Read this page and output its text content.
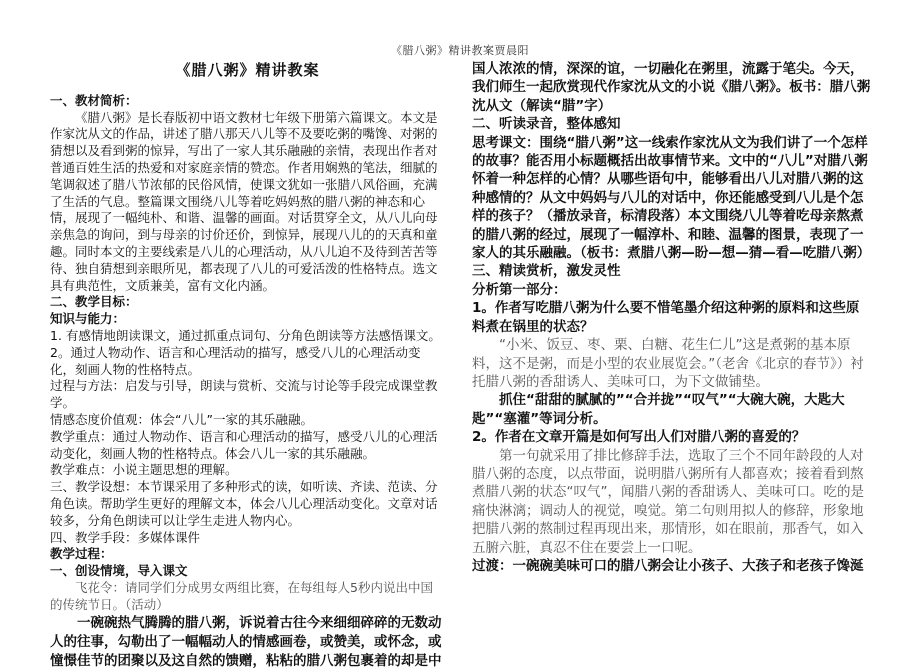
《腊八粥》精讲教案贾晨阳
《腊八粥》精讲教案

一、教材简析：

《腊八粥》是长春版初中语文教材七年级下册第六篇课文。本文是作家沈从文的作品，讲述了腊八那天八儿等不及要吃粥的嘴馋、对粥的猜想以及看到粥的惊异，写出了一家人其乐融融的亲情，表现出作者对普通百姓生活的热爱和对家庭亲情的赞恋。作者用娴熟的笔法，细腻的笔调叙述了腊八节浓郁的民俗风情，使课文犹如一张腊八风俗画，充满了生活的气息。整篇课文围绕八儿等着吃妈妈熬的腊八粥的神态和心情，展现了一幅纯朴、和谐、温馨的画面。对话贯穿全文，从八儿向母亲焦急的询问，到与母亲的讨价还价，到惊异，展现八儿的的天真和童趣。同时本文的主要线索是八儿的心理活动，从八儿迫不及待到苦苦等待、独自猜想到亲眼所见，都表现了八儿的可爱活泼的性格特点。选文具有典范性，文质兼美，富有文化内涵。

二、教学目标：

知识与能力：

1. 有感情地朗读课文，通过抓重点词句、分角色朗读等方法感悟课文。

2。通过人物动作、语言和心理活动的描写，感受八儿的心理活动变化，刻画人物的性格特点。

过程与方法：启发与引导，朗读与赏析、交流与讨论等手段完成课堂教学。

情感态度价值观：体会“八儿”一家的其乐融融。

教学重点：通过人物动作、语言和心理活动的描写，感受八儿的心理活动变化，刻画人物的性格特点。体会八儿一家的其乐融融。

教学难点：小说主题思想的理解。

三、教学设想：本节课采用了多种形式的读，如听读、齐读、范读、分角色读。帮助学生更好的理解文本，体会八儿心理活动变化。文章对话较多，分角色朗读可以让学生走进人物内心。

四、教学手段：多媒体课件

教学过程：

一、创设情境，导入课文

飞花令：请同学们分成男女两组比赛，在每组每人5秒内说出中国的传统节日。（活动）

一碗碗热气腾腾的腊八粥，诉说着古往今来细细碎碎的无数动人的往事，勾勒出了一幅幅动人的情感画卷，或赞美，或怀念，或憧憬佳节的团聚以及这自然的馈赠，粘粘的腊八粥包裹着的却是中

国人浓浓的情，深深的谊，一切融化在粥里，流露于笔尖。今天，我们师生一起欣赏现代作家沈从文的小说《腊八粥》。板书：腊八粥　沈从文（解读“腊”字）

二、听读录音，整体感知

思考课文：围绕“腊八粥”这一线索作家沈从文为我们讲了一个怎样的故事？能否用小标题概括出故事情节来。文中的“八儿”对腊八粥怀着一种怎样的心情？从哪些语句中，能够看出八儿对腊八粥的这种感情的？从文中妈妈与八儿的对话中，你还能感受到八儿是个怎样的孩子？（播放录音，标清段落）本文围绕八儿等着吃母亲熬煮的腊八粥的经过，展现了一幅淳朴、和睦、温馨的图景，表现了一家人的其乐融融。（板书：煮腊八粥—盼—想—猜—看—吃腊八粥）

三、精读赏析，激发灵性

分析第一部分：

1。作者写吃腊八粥为什么要不惜笔墨介绍这种粥的原料和这些原料煮在锅里的状态？

“小米、饭豆、枣、栗、白糖、花生仁儿”这是煮粥的基本原料，这不是粥，而是小型的农业展览会。”（老舍《北京的春节》）衬托腊八粥的香甜诱人、美味可口，为下文做铺垫。

抓住“甜甜的腻腻的”“合并拢”“叹气”“大碗大碗，大匙大匙”“塞灌”等词分析。

2。作者在文章开篇是如何写出人们对腊八粥的喜爱的？

第一句就采用了排比修辞手法，选取了三个不同年龄段的人对腊八粥的态度，以点带面，说明腊八粥所有人都喜欢；接着看到熬煮腊八粥的状态“叹气”，闻腊八粥的香甜诱人、美味可口。吃的是痛快淋漓；调动人的视觉，嗅觉。第二句则用拟人的修辞，形象地把腊八粥的熬制过程再现出来，那情形，如在眼前，那香气，如入五腑六脏，真忍不住在要尝上一口呢。

过渡：一碗碗美味可口的腊八粥会让小孩子、大孩子和老孩子馋涎
